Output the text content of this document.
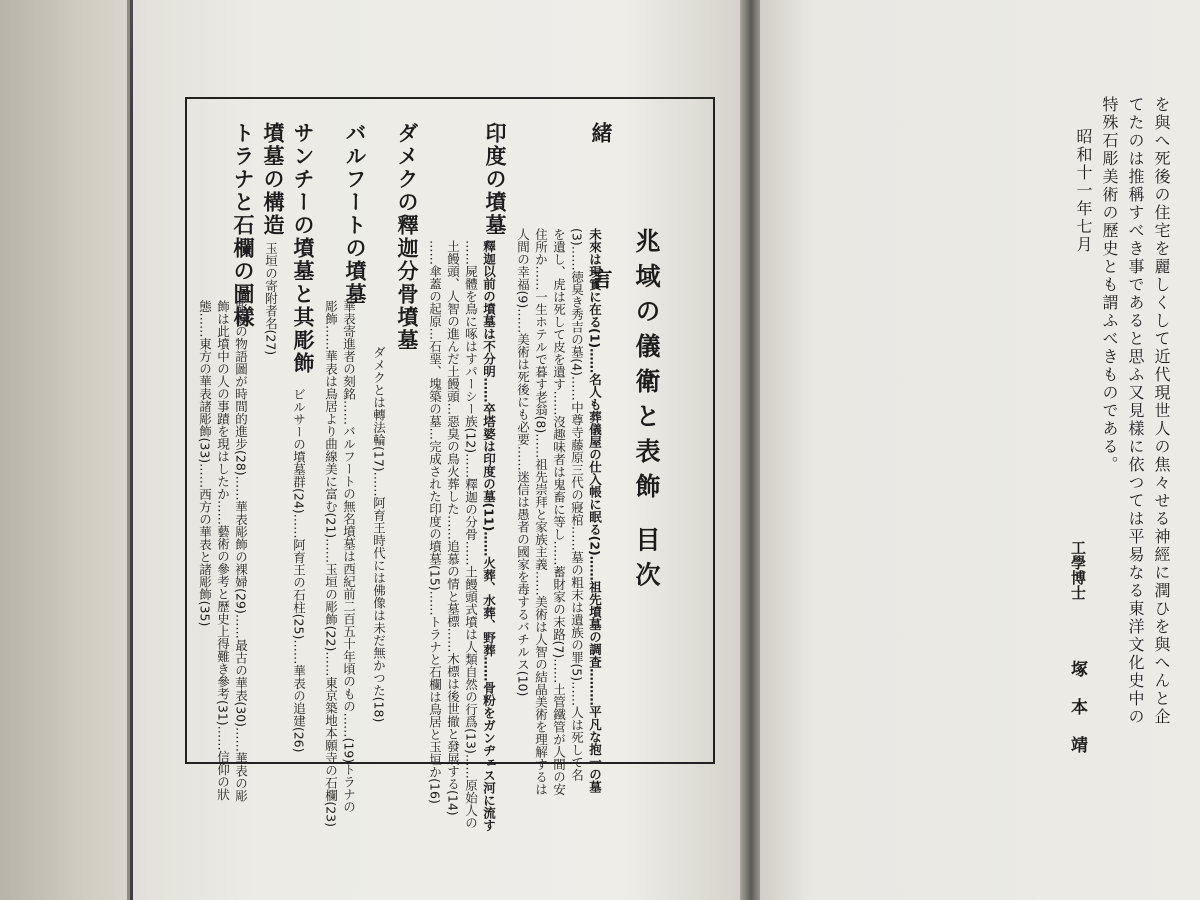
兆域の儀衛と表飾 目次
緒　言
未來は現實に在る(1)……名人も葬儀屋の仕入帳に眠る(2)……祖先墳墓の調査………平凡な抱一の墓
(3)……徳臭き秀吉の墓(4)……中尊寺藤原三代の寢棺……墓の粗末は遺族の罪(5)……人は死して名
を遺し、虎は死して皮を遺す……沒趣味者は鬼畜に等し……蓄財家の末路(7)……土管鐵管が人間の安
住所か……一生ホテルで暮す老翁(8)……祖先崇拜と家族主義……美術は人智の結晶美術を理解するは
人間の幸福(9)……美術は死後にも必要……迷信は愚者の國家を毒するバチルス(10)
印度の墳墓
釋迦以前の墳墓は不分明……卒塔婆は印度の墓(11)……火葬、水葬、野葬……骨粉をガンヂェス河に流す
……屍體を鳥に啄はすパーシー族(12)……釋迦の分骨……土饅頭式墳は人類自然の行爲(13)……原始人の
土饅頭、人智の進んだ土饅頭…惡臭の鳥火葬した……追慕の情と墓標……木標は後世撤と發展する(14)
……傘蓋の起原…石堊、塊築の墓…完成された印度の墳墓(15)……トラナと石欄は鳥居と玉垣か(16)
ダメクの釋迦分骨墳墓
ダメクとは轉法輪(17)……阿育王時代には佛像は未だ無かつた(18)
バルフートの墳墓
華表寄進者の刻銘……バルフートの無名墳墓は西紀前二百五十年頃のもの……(19)トラナの
彫飾……華表は鳥居より曲線美に富む(21)……玉垣の彫飾(22)……東京築地本願寺の石欄(23)
サンチーの墳墓と其彫飾
ビルサーの墳墓群(24)……阿育王の石柱(25)……華表の追建(26)
墳墓の構造
玉垣の寄附者名(27)
トラナと石欄の圖樣
彫飾の物語圖が時間的進步(28)……華表彫飾の裸婦(29)……最古の華表(30)……華表の彫
飾は此墳中の人の事蹟を現はしたか……藝術の參考と歷史上得難き參考(31)……信仰の狀
態……東方の華表諸彫飾(33)……西方の華表と諸彫飾(35)	を與へ死後の住宅を麗しくして近代現世人の焦々せる神經に潤ひを與へんと企
てたのは推稱すべき事であると思ふ又見樣に依つては平易なる東洋文化史中の
特殊石彫美術の歷史とも謂ふべきものである。
昭和十一年七月
工學博士
塚　本　靖
